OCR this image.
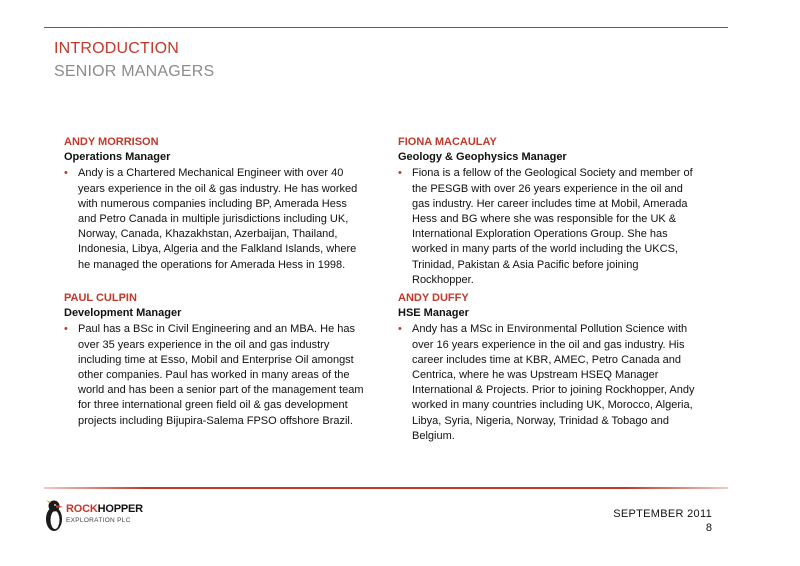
INTRODUCTION
SENIOR MANAGERS
ANDY MORRISON
Operations Manager
• Andy is a Chartered Mechanical Engineer with over 40 years experience in the oil & gas industry. He has worked with numerous companies including BP, Amerada Hess and Petro Canada in multiple jurisdictions including UK, Norway, Canada, Khazakhstan, Azerbaijan, Thailand, Indonesia, Libya, Algeria and the Falkland Islands, where he managed the operations for Amerada Hess in 1998.
PAUL CULPIN
Development Manager
• Paul has a BSc in Civil Engineering and an MBA. He has over 35 years experience in the oil and gas industry including time at Esso, Mobil and Enterprise Oil amongst other companies. Paul has worked in many areas of the world and has been a senior part of the management team for three international green field oil & gas development projects including Bijupira-Salema FPSO offshore Brazil.
FIONA MACAULAY
Geology & Geophysics Manager
• Fiona is a fellow of the Geological Society and member of the PESGB with over 26 years experience in the oil and gas industry. Her career includes time at Mobil, Amerada Hess and BG where she was responsible for the UK & International Exploration Operations Group. She has worked in many parts of the world including the UKCS, Trinidad, Pakistan & Asia Pacific before joining Rockhopper.
ANDY DUFFY
HSE Manager
• Andy has a MSc in Environmental Pollution Science with over 16 years experience in the oil and gas industry. His career includes time at KBR, AMEC, Petro Canada and Centrica, where he was Upstream HSEQ Manager International & Projects. Prior to joining Rockhopper, Andy worked in many countries including UK, Morocco, Algeria, Libya, Syria, Nigeria, Norway, Trinidad & Tobago and Belgium.
ROCKHOPPER
EXPLORATION PLC
SEPTEMBER 2011
8
